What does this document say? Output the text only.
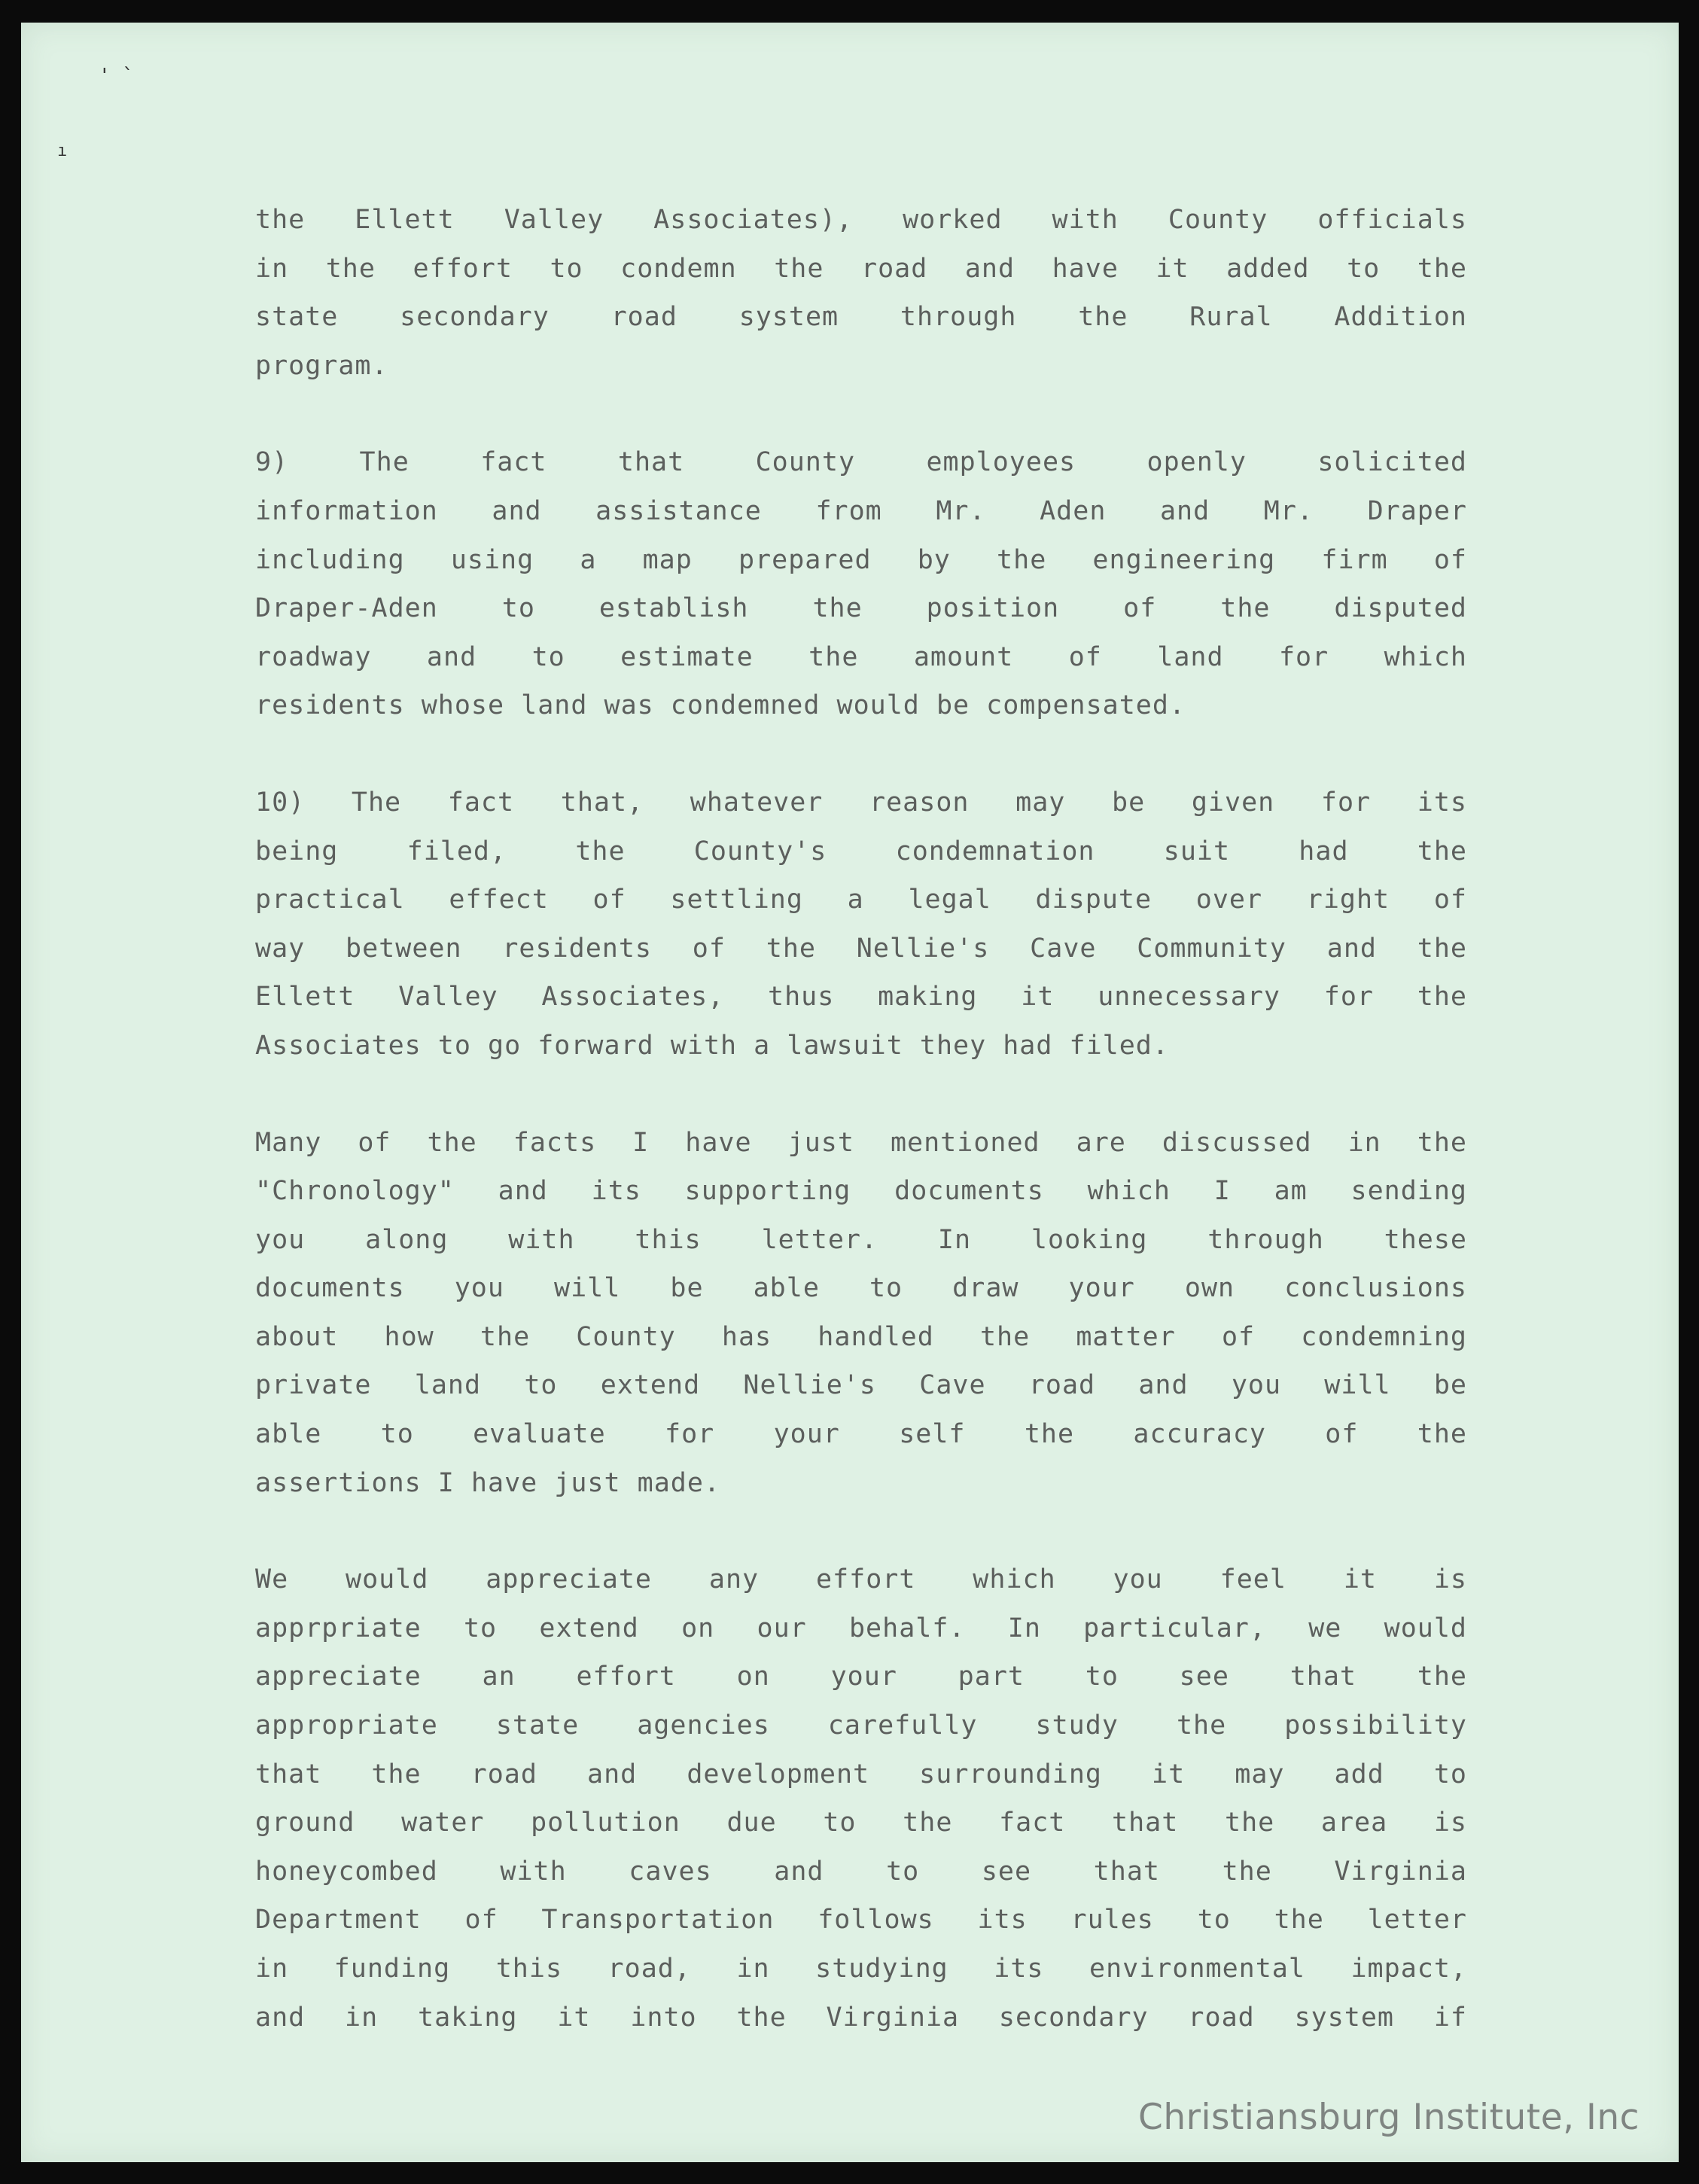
' `
ı
the Ellett Valley Associates), worked with County officials
in the effort to condemn the road and have it added to the
state secondary road system through the Rural Addition
program.
9) The fact that County employees openly solicited
information and assistance from Mr. Aden and Mr. Draper
including using a map prepared by the engineering firm of
Draper-Aden to establish the position of the disputed
roadway and to estimate the amount of land for which
residents whose land was condemned would be compensated.
10) The fact that, whatever reason may be given for its
being filed, the County's condemnation suit had the
practical effect of settling a legal dispute over right of
way between residents of the Nellie's Cave Community and the
Ellett Valley Associates, thus making it unnecessary for the
Associates to go forward with a lawsuit they had filed.
Many of the facts I have just mentioned are discussed in the
"Chronology" and its supporting documents which I am sending
you along with this letter. In looking through these
documents you will be able to draw your own conclusions
about how the County has handled the matter of condemning
private land to extend Nellie's Cave road and you will be
able to evaluate for your self the accuracy of the
assertions I have just made.
We would appreciate any effort which you feel it is
apprpriate to extend on our behalf. In particular, we would
appreciate an effort on your part to see that the
appropriate state agencies carefully study the possibility
that the road and development surrounding it may add to
ground water pollution due to the fact that the area is
honeycombed with caves and to see that the Virginia
Department of Transportation follows its rules to the letter
in funding this road, in studying its environmental impact,
and in taking it into the Virginia secondary road system if
Christiansburg Institute, Inc
